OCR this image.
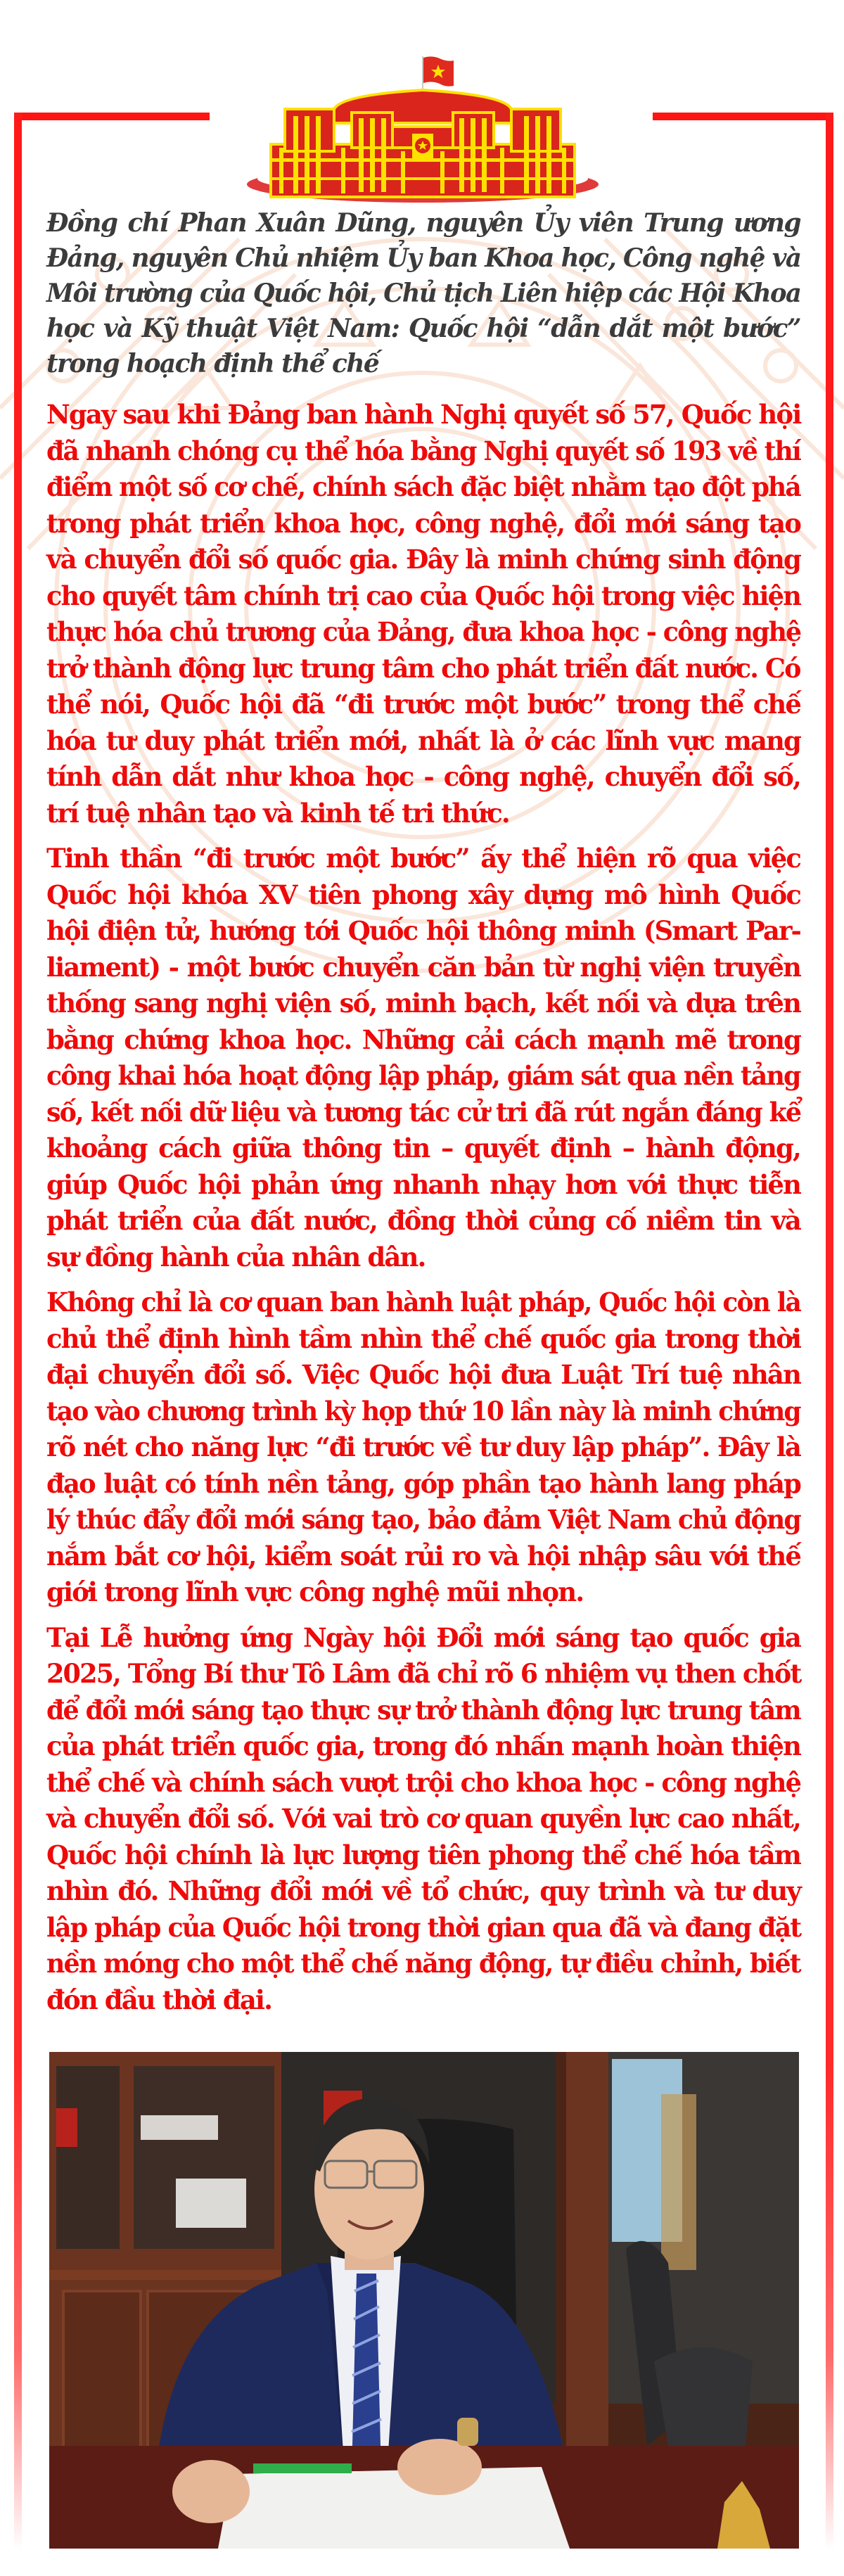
Đồng chí Phan Xuân Dũng, nguyên Ủy viên Trung ương
Đảng, nguyên Chủ nhiệm Ủy ban Khoa học, Công nghệ và
Môi trường của Quốc hội, Chủ tịch Liên hiệp các Hội Khoa
học và Kỹ thuật Việt Nam: Quốc hội “dẫn dắt một bước”
trong hoạch định thể chế
Ngay sau khi Đảng ban hành Nghị quyết số 57, Quốc hội
đã nhanh chóng cụ thể hóa bằng Nghị quyết số 193 về thí
điểm một số cơ chế, chính sách đặc biệt nhằm tạo đột phá
trong phát triển khoa học, công nghệ, đổi mới sáng tạo
và chuyển đổi số quốc gia. Đây là minh chứng sinh động
cho quyết tâm chính trị cao của Quốc hội trong việc hiện
thực hóa chủ trương của Đảng, đưa khoa học - công nghệ
trở thành động lực trung tâm cho phát triển đất nước. Có
thể nói, Quốc hội đã “đi trước một bước” trong thể chế
hóa tư duy phát triển mới, nhất là ở các lĩnh vực mang
tính dẫn dắt như khoa học - công nghệ, chuyển đổi số,
trí tuệ nhân tạo và kinh tế tri thức.
Tinh thần “đi trước một bước” ấy thể hiện rõ qua việc
Quốc hội khóa XV tiên phong xây dựng mô hình Quốc
hội điện tử, hướng tới Quốc hội thông minh (Smart Par-
liament) - một bước chuyển căn bản từ nghị viện truyền
thống sang nghị viện số, minh bạch, kết nối và dựa trên
bằng chứng khoa học. Những cải cách mạnh mẽ trong
công khai hóa hoạt động lập pháp, giám sát qua nền tảng
số, kết nối dữ liệu và tương tác cử tri đã rút ngắn đáng kể
khoảng cách giữa thông tin – quyết định – hành động,
giúp Quốc hội phản ứng nhanh nhạy hơn với thực tiễn
phát triển của đất nước, đồng thời củng cố niềm tin và
sự đồng hành của nhân dân.
Không chỉ là cơ quan ban hành luật pháp, Quốc hội còn là
chủ thể định hình tầm nhìn thể chế quốc gia trong thời
đại chuyển đổi số. Việc Quốc hội đưa Luật Trí tuệ nhân
tạo vào chương trình kỳ họp thứ 10 lần này là minh chứng
rõ nét cho năng lực “đi trước về tư duy lập pháp”. Đây là
đạo luật có tính nền tảng, góp phần tạo hành lang pháp
lý thúc đẩy đổi mới sáng tạo, bảo đảm Việt Nam chủ động
nắm bắt cơ hội, kiểm soát rủi ro và hội nhập sâu với thế
giới trong lĩnh vực công nghệ mũi nhọn.
Tại Lễ hưởng ứng Ngày hội Đổi mới sáng tạo quốc gia
2025, Tổng Bí thư Tô Lâm đã chỉ rõ 6 nhiệm vụ then chốt
để đổi mới sáng tạo thực sự trở thành động lực trung tâm
của phát triển quốc gia, trong đó nhấn mạnh hoàn thiện
thể chế và chính sách vượt trội cho khoa học - công nghệ
và chuyển đổi số. Với vai trò cơ quan quyền lực cao nhất,
Quốc hội chính là lực lượng tiên phong thể chế hóa tầm
nhìn đó. Những đổi mới về tổ chức, quy trình và tư duy
lập pháp của Quốc hội trong thời gian qua đã và đang đặt
nền móng cho một thể chế năng động, tự điều chỉnh, biết
đón đầu thời đại.
